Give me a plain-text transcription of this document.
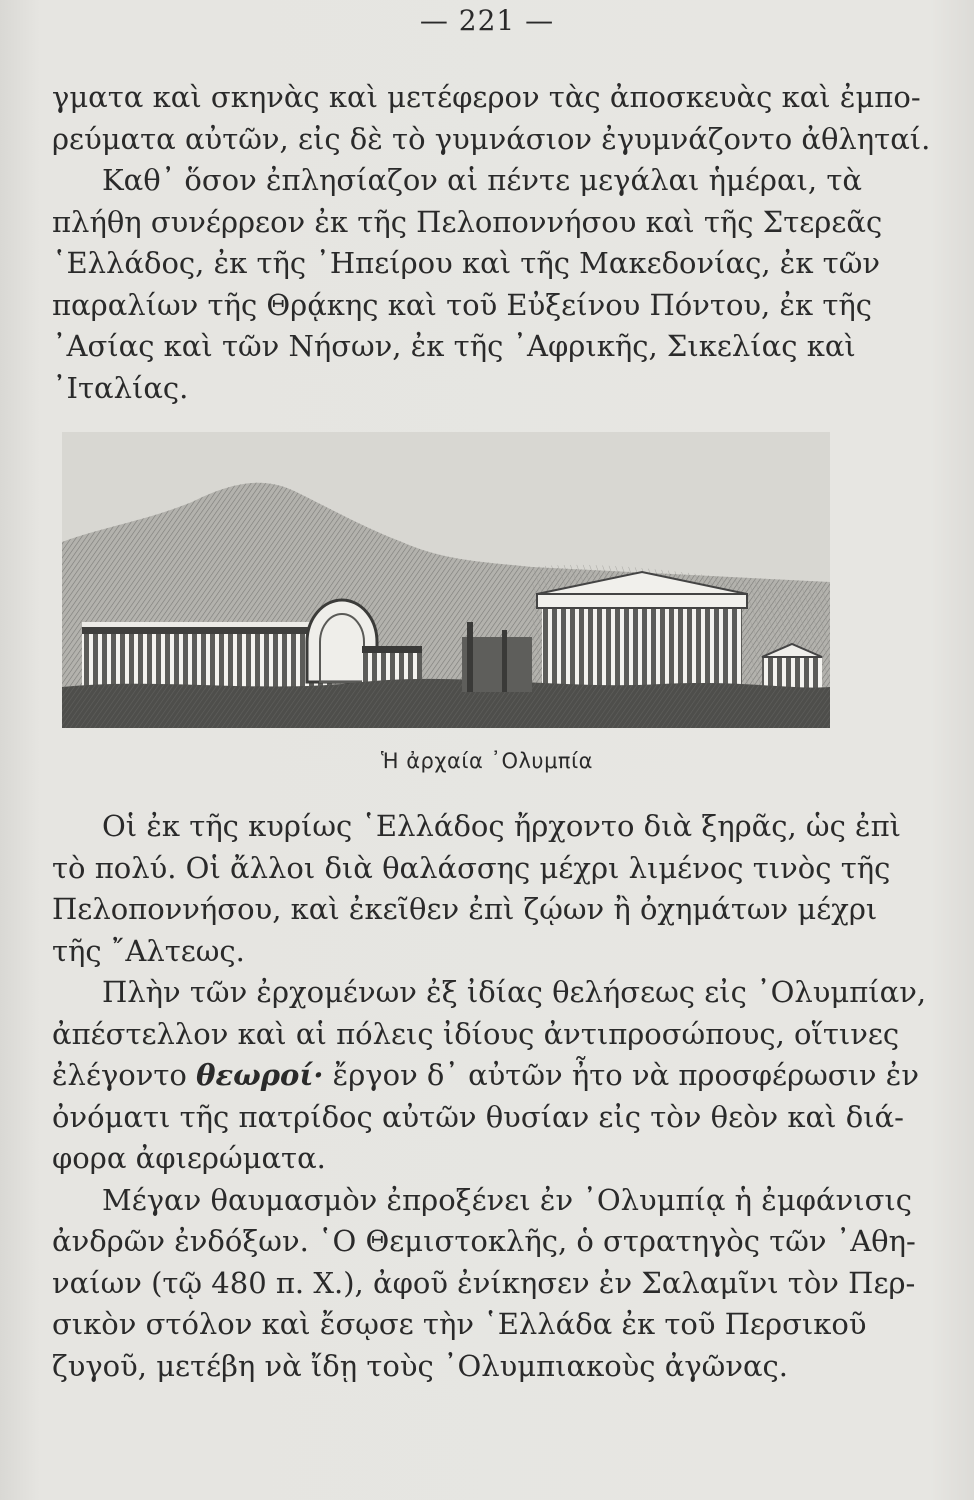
— 221 —
γματα καὶ σκηνὰς καὶ μετέφερον τὰς ἀποσκευὰς καὶ ἐμπο-
ρεύματα αὐτῶν, εἰς δὲ τὸ γυμνάσιον ἐγυμνάζοντο ἀθληταί.
Καθ᾽ ὅσον ἐπλησίαζον αἱ πέντε μεγάλαι ἡμέραι, τὰ
πλήθη συνέρρεον ἐκ τῆς Πελοποννήσου καὶ τῆς Στερεᾶς
῾Ελλάδος, ἐκ τῆς ᾽Ηπείρου καὶ τῆς Μακεδονίας, ἐκ τῶν
παραλίων τῆς Θρᾴκης καὶ τοῦ Εὐξείνου Πόντου, ἐκ τῆς
᾽Ασίας καὶ τῶν Νήσων, ἐκ τῆς ᾽Αφρικῆς, Σικελίας καὶ
᾽Ιταλίας.
Ἡ ἀρχαία ᾿Ολυμπία
Οἱ ἐκ τῆς κυρίως ῾Ελλάδος ἤρχοντο διὰ ξηρᾶς, ὡς ἐπὶ
τὸ πολύ. Οἱ ἄλλοι διὰ θαλάσσης μέχρι λιμένος τινὸς τῆς
Πελοποννήσου, καὶ ἐκεῖθεν ἐπὶ ζῴων ἢ ὀχημάτων μέχρι
τῆς ῎Αλτεως.
Πλὴν τῶν ἐρχομένων ἐξ ἰδίας θελήσεως εἰς ᾽Ολυμπίαν,
ἀπέστελλον καὶ αἱ πόλεις ἰδίους ἀντιπροσώπους, οἵτινες
ἐλέγοντο θεωροί· ἔργον δ᾽ αὐτῶν ἦτο νὰ προσφέρωσιν ἐν
ὀνόματι τῆς πατρίδος αὐτῶν θυσίαν εἰς τὸν θεὸν καὶ διά-
φορα ἀφιερώματα.
Μέγαν θαυμασμὸν ἐπροξένει ἐν ᾽Ολυμπίᾳ ἡ ἐμφάνισις
ἀνδρῶν ἐνδόξων. ῾Ο Θεμιστοκλῆς, ὁ στρατηγὸς τῶν ᾽Αθη-
ναίων (τῷ 480 π. Χ.), ἀφοῦ ἐνίκησεν ἐν Σαλαμῖνι τὸν Περ-
σικὸν στόλον καὶ ἔσῳσε τὴν ῾Ελλάδα ἐκ τοῦ Περσικοῦ
ζυγοῦ, μετέβη νὰ ἴδῃ τοὺς ᾽Ολυμπιακοὺς ἀγῶνας.
